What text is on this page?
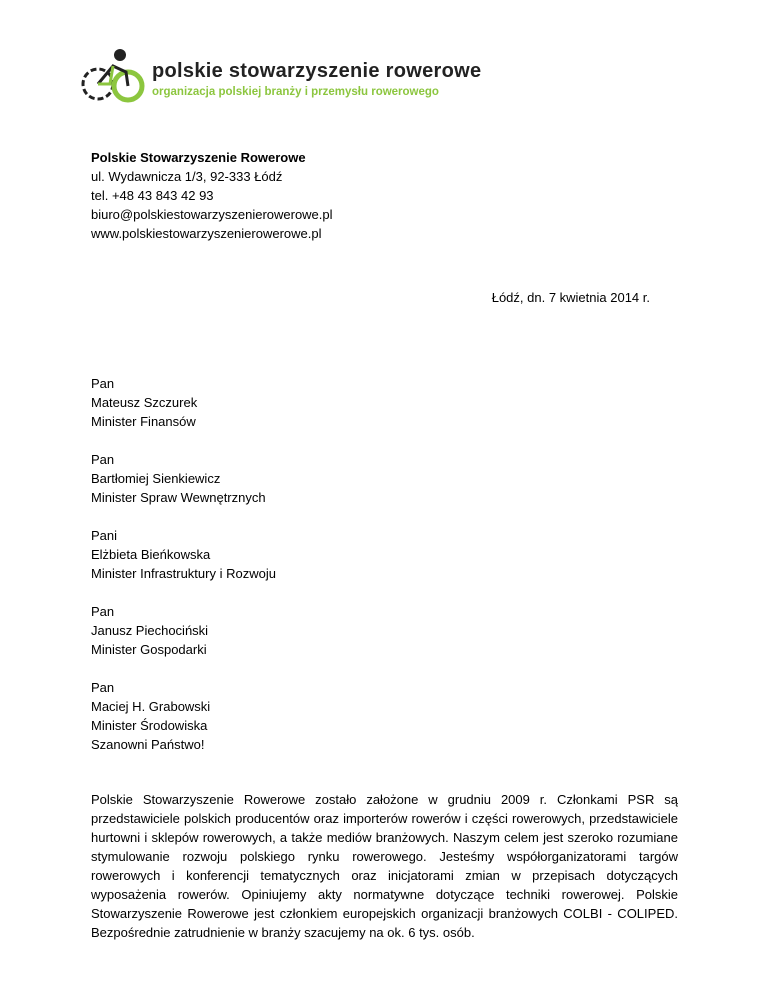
polskie stowarzyszenie rowerowe
organizacja polskiej branży i przemysłu rowerowego
Polskie Stowarzyszenie Rowerowe
ul. Wydawnicza 1/3, 92-333 Łódź
tel. +48 43 843 42 93
biuro@polskiestowarzyszenierowerowe.pl
www.polskiestowarzyszenierowerowe.pl
Łódź, dn. 7 kwietnia 2014 r.
Pan
Mateusz Szczurek
Minister Finansów
Pan
Bartłomiej Sienkiewicz
Minister Spraw Wewnętrznych
Pani
Elżbieta Bieńkowska
Minister Infrastruktury i Rozwoju
Pan
Janusz Piechociński
Minister Gospodarki
Pan
Maciej H. Grabowski
Minister Środowiska
Szanowni Państwo!

Polskie Stowarzyszenie Rowerowe zostało założone w grudniu 2009 r. Członkami PSR są przedstawiciele polskich producentów oraz importerów rowerów i części rowerowych, przedstawiciele hurtowni i sklepów rowerowych, a także mediów branżowych. Naszym celem jest szeroko rozumiane stymulowanie rozwoju polskiego rynku rowerowego. Jesteśmy współorganizatorami targów rowerowych i konferencji tematycznych oraz inicjatorami zmian w przepisach dotyczących wyposażenia rowerów. Opiniujemy akty normatywne dotyczące techniki rowerowej. Polskie Stowarzyszenie Rowerowe jest członkiem europejskich organizacji branżowych COLBI - COLIPED. Bezpośrednie zatrudnienie w branży szacujemy na ok. 6 tys. osób.
